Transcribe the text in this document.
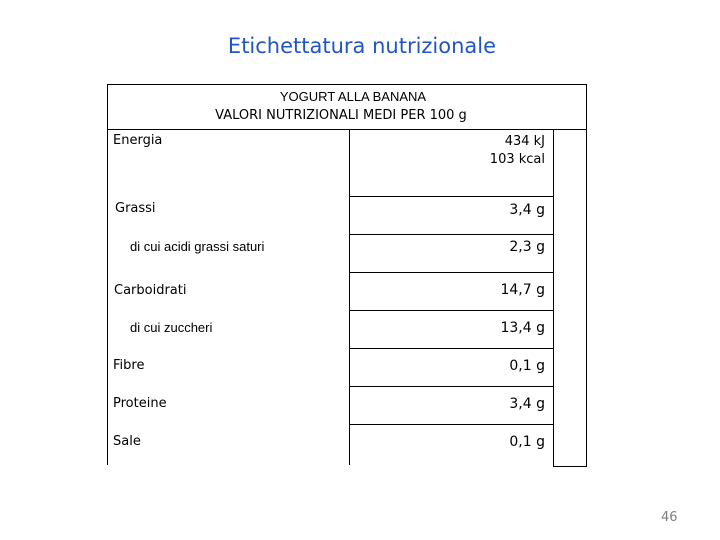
Etichettatura nutrizionale
YOGURT ALLA BANANA
VALORI NUTRIZIONALI MEDI PER 100 g
Energia
Grassi
di cui acidi grassi saturi
Carboidrati
di cui zuccheri
Fibre
Proteine
Sale
434 kJ
103 kcal
3,4 g
2,3 g
14,7 g
13,4 g
0,1 g
3,4 g
0,1 g
46
